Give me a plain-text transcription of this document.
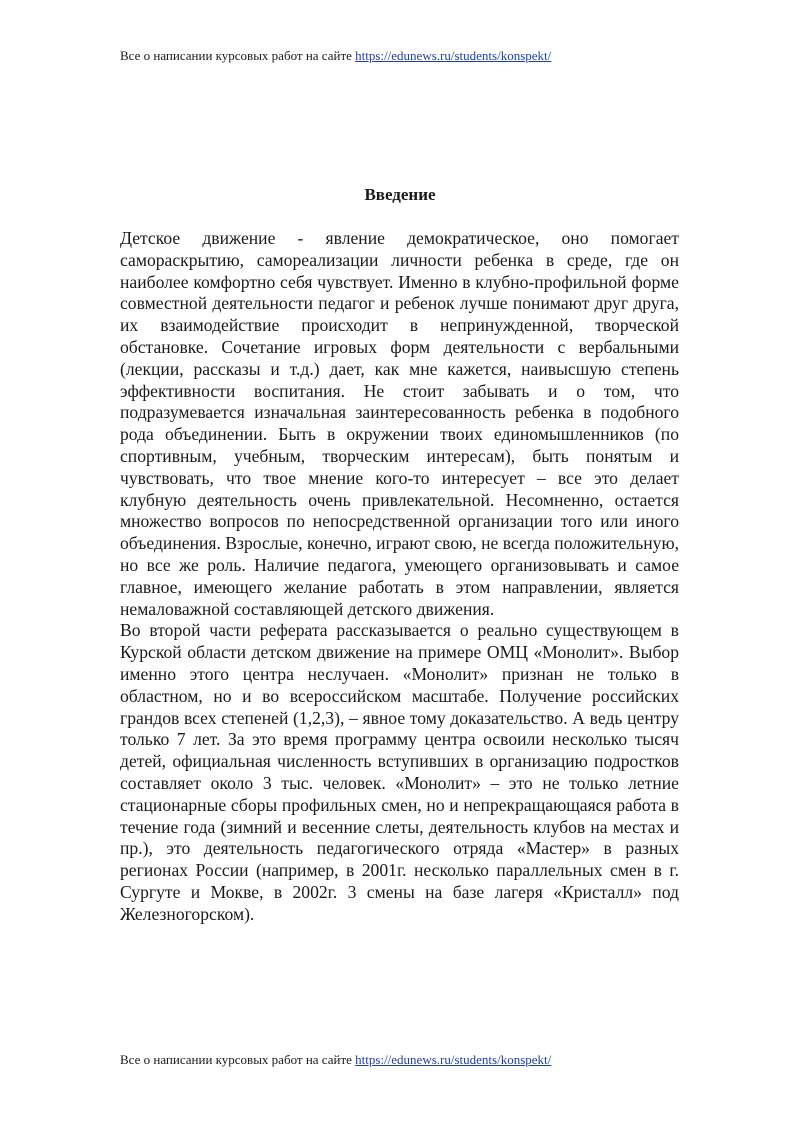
Все о написании курсовых работ на сайте https://edunews.ru/students/konspekt/
Введение

Детское движение - явление демократическое, оно помогает самораскрытию, самореализации личности ребенка в среде, где он наиболее комфортно себя чувствует. Именно в клубно-профильной форме совместной деятельности педагог и ребенок лучше понимают друг друга, их взаимодействие происходит в непринужденной, творческой обстановке. Сочетание игровых форм деятельности с вербальными (лекции, рассказы и т.д.) дает, как мне кажется, наивысшую степень эффективности воспитания. Не стоит забывать и о том, что подразумевается изначальная заинтересованность ребенка в подобного рода объединении. Быть в окружении твоих единомышленников (по спортивным, учебным, творческим интересам), быть понятым и чувствовать, что твое мнение кого-то интересует – все это делает клубную деятельность очень привлекательной. Несомненно, остается множество вопросов по непосредственной организации того или иного объединения. Взрослые, конечно, играют свою, не всегда положительную, но все же роль. Наличие педагога, умеющего организовывать и самое главное, имеющего желание работать в этом направлении, является немаловажной составляющей детского движения.

Во второй части реферата рассказывается о реально существующем в Курской области детском движение на примере ОМЦ «Монолит». Выбор именно этого центра неслучаен. «Монолит» признан не только в областном, но и во всероссийском масштабе. Получение российских грандов всех степеней (1,2,3), – явное тому доказательство. А ведь центру только 7 лет. За это время программу центра освоили несколько тысяч детей, официальная численность вступивших в организацию подростков составляет около 3 тыс. человек. «Монолит» – это не только летние стационарные сборы профильных смен, но и непрекращающаяся работа в течение года (зимний и весенние слеты, деятельность клубов на местах и пр.), это деятельность педагогического отряда «Мастер» в разных регионах России (например, в 2001г. несколько параллельных смен в г. Сургуте и Мокве, в 2002г. 3 смены на базе лагеря «Кристалл» под Железногорском).

Все о написании курсовых работ на сайте https://edunews.ru/students/konspekt/
